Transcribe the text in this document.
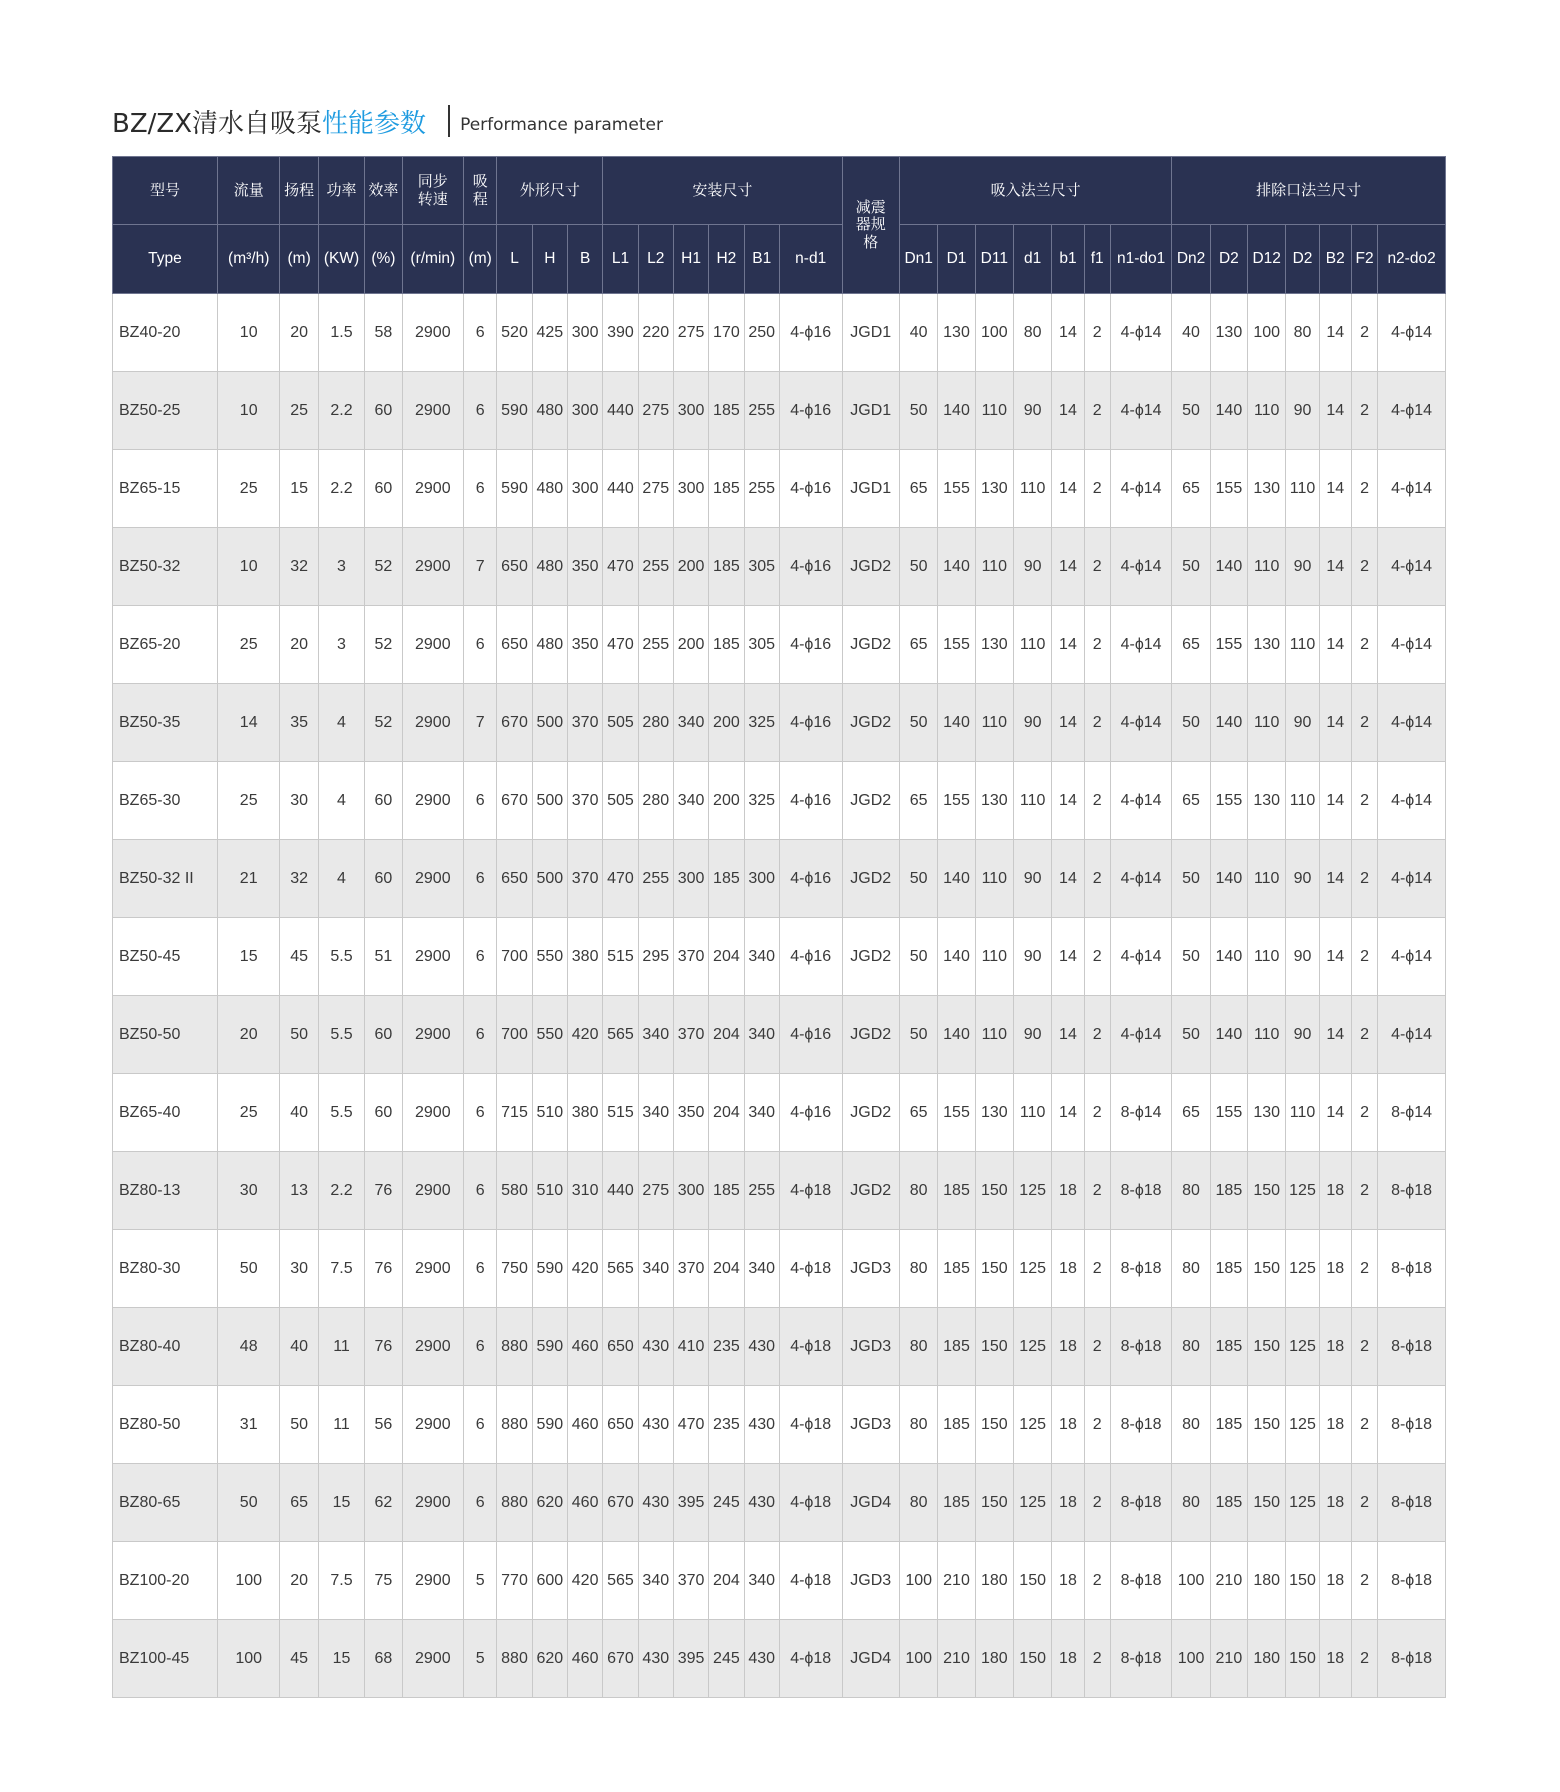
BZ/ZX清水自吸泵 性能参数 Performance parameter
型号	流量	扬程	功率	效率	同步转速	吸程	外形尺寸			安装尺寸						减震器规格	吸入法兰尺寸							排除口法兰尺寸						
Type	(m³/h)	(m)	(KW)	(%)	(r/min)	(m)	L	H	B	L1	L2	H1	H2	B1	n-d1		Dn1	D1	D11	d1	b1	f1	n1-do1	Dn2	D2	D12	D2	B2	F2	n2-do2
BZ40-20	10	20	1.5	58	2900	6	520	425	300	390	220	275	170	250	4-ϕ16	JGD1	40	130	100	80	14	2	4-ϕ14	40	130	100	80	14	2	4-ϕ14
BZ50-25	10	25	2.2	60	2900	6	590	480	300	440	275	300	185	255	4-ϕ16	JGD1	50	140	110	90	14	2	4-ϕ14	50	140	110	90	14	2	4-ϕ14
BZ65-15	25	15	2.2	60	2900	6	590	480	300	440	275	300	185	255	4-ϕ16	JGD1	65	155	130	110	14	2	4-ϕ14	65	155	130	110	14	2	4-ϕ14
BZ50-32	10	32	3	52	2900	7	650	480	350	470	255	200	185	305	4-ϕ16	JGD2	50	140	110	90	14	2	4-ϕ14	50	140	110	90	14	2	4-ϕ14
BZ65-20	25	20	3	52	2900	6	650	480	350	470	255	200	185	305	4-ϕ16	JGD2	65	155	130	110	14	2	4-ϕ14	65	155	130	110	14	2	4-ϕ14
BZ50-35	14	35	4	52	2900	7	670	500	370	505	280	340	200	325	4-ϕ16	JGD2	50	140	110	90	14	2	4-ϕ14	50	140	110	90	14	2	4-ϕ14
BZ65-30	25	30	4	60	2900	6	670	500	370	505	280	340	200	325	4-ϕ16	JGD2	65	155	130	110	14	2	4-ϕ14	65	155	130	110	14	2	4-ϕ14
BZ50-32 II	21	32	4	60	2900	6	650	500	370	470	255	300	185	300	4-ϕ16	JGD2	50	140	110	90	14	2	4-ϕ14	50	140	110	90	14	2	4-ϕ14
BZ50-45	15	45	5.5	51	2900	6	700	550	380	515	295	370	204	340	4-ϕ16	JGD2	50	140	110	90	14	2	4-ϕ14	50	140	110	90	14	2	4-ϕ14
BZ50-50	20	50	5.5	60	2900	6	700	550	420	565	340	370	204	340	4-ϕ16	JGD2	50	140	110	90	14	2	4-ϕ14	50	140	110	90	14	2	4-ϕ14
BZ65-40	25	40	5.5	60	2900	6	715	510	380	515	340	350	204	340	4-ϕ16	JGD2	65	155	130	110	14	2	8-ϕ14	65	155	130	110	14	2	8-ϕ14
BZ80-13	30	13	2.2	76	2900	6	580	510	310	440	275	300	185	255	4-ϕ18	JGD2	80	185	150	125	18	2	8-ϕ18	80	185	150	125	18	2	8-ϕ18
BZ80-30	50	30	7.5	76	2900	6	750	590	420	565	340	370	204	340	4-ϕ18	JGD3	80	185	150	125	18	2	8-ϕ18	80	185	150	125	18	2	8-ϕ18
BZ80-40	48	40	11	76	2900	6	880	590	460	650	430	410	235	430	4-ϕ18	JGD3	80	185	150	125	18	2	8-ϕ18	80	185	150	125	18	2	8-ϕ18
BZ80-50	31	50	11	56	2900	6	880	590	460	650	430	470	235	430	4-ϕ18	JGD3	80	185	150	125	18	2	8-ϕ18	80	185	150	125	18	2	8-ϕ18
BZ80-65	50	65	15	62	2900	6	880	620	460	670	430	395	245	430	4-ϕ18	JGD4	80	185	150	125	18	2	8-ϕ18	80	185	150	125	18	2	8-ϕ18
BZ100-20	100	20	7.5	75	2900	5	770	600	420	565	340	370	204	340	4-ϕ18	JGD3	100	210	180	150	18	2	8-ϕ18	100	210	180	150	18	2	8-ϕ18
BZ100-45	100	45	15	68	2900	5	880	620	460	670	430	395	245	430	4-ϕ18	JGD4	100	210	180	150	18	2	8-ϕ18	100	210	180	150	18	2	8-ϕ18
